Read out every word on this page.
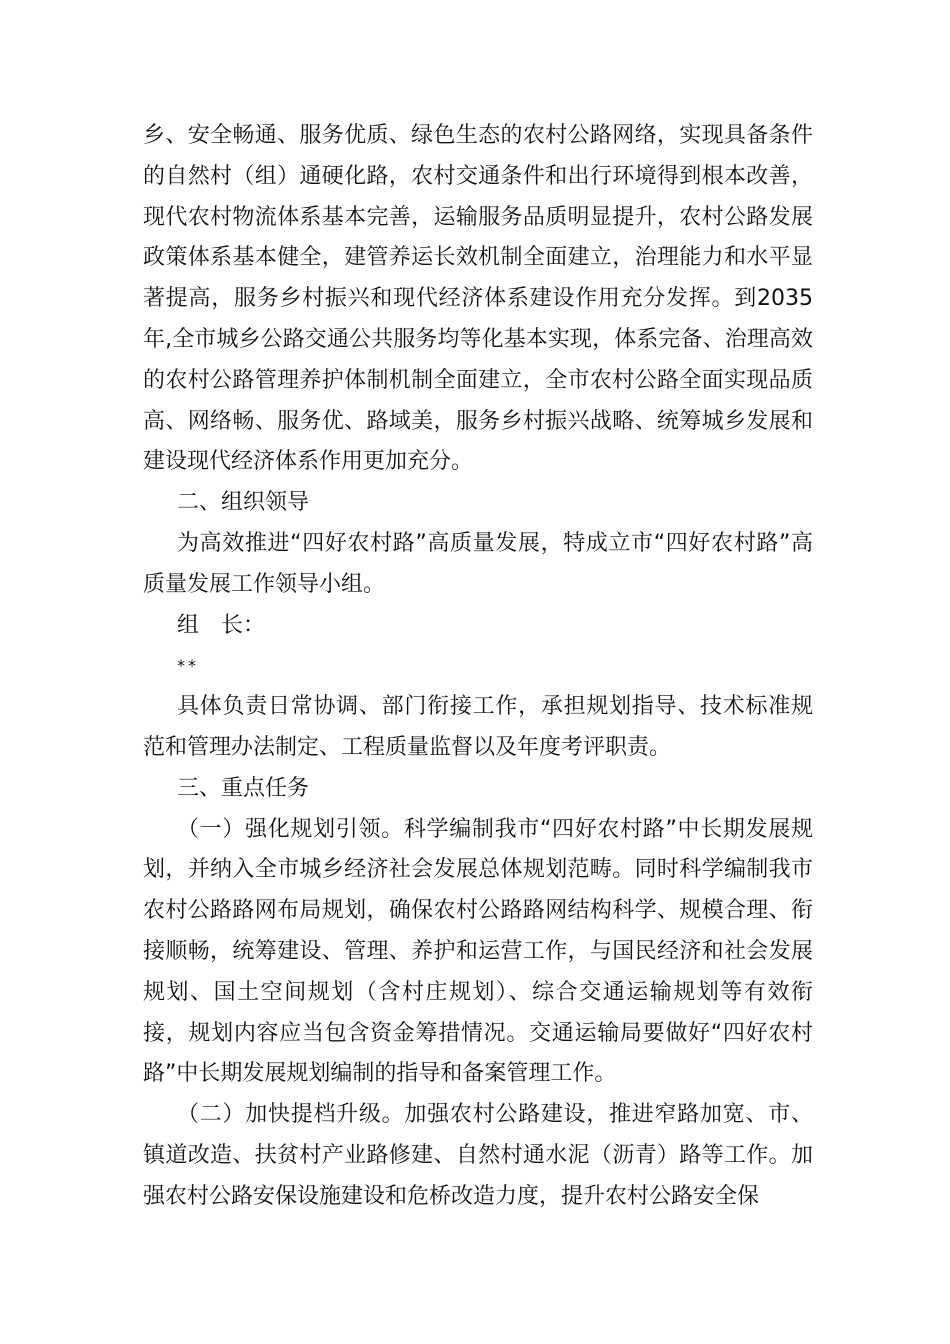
乡、安全畅通、服务优质、绿色生态的农村公路网络，实现具备条件的自然村（组）通硬化路，农村交通条件和出行环境得到根本改善，现代农村物流体系基本完善，运输服务品质明显提升，农村公路发展政策体系基本健全，建管养运长效机制全面建立，治理能力和水平显著提高，服务乡村振兴和现代经济体系建设作用充分发挥。到2035年,全市城乡公路交通公共服务均等化基本实现，体系完备、治理高效的农村公路管理养护体制机制全面建立，全市农村公路全面实现品质高、网络畅、服务优、路域美，服务乡村振兴战略、统筹城乡发展和建设现代经济体系作用更加充分。

二、组织领导

为高效推进“四好农村路”高质量发展，特成立市“四好农村路”高质量发展工作领导小组。

组　长：

**

具体负责日常协调、部门衔接工作，承担规划指导、技术标准规范和管理办法制定、工程质量监督以及年度考评职责。

三、重点任务

（一）强化规划引领。科学编制我市“四好农村路”中长期发展规划，并纳入全市城乡经济社会发展总体规划范畴。同时科学编制我市农村公路路网布局规划，确保农村公路路网结构科学、规模合理、衔接顺畅，统筹建设、管理、养护和运营工作，与国民经济和社会发展规划、国土空间规划（含村庄规划）、综合交通运输规划等有效衔接，规划内容应当包含资金筹措情况。交通运输局要做好“四好农村路”中长期发展规划编制的指导和备案管理工作。

（二）加快提档升级。加强农村公路建设，推进窄路加宽、市、镇道改造、扶贫村产业路修建、自然村通水泥（沥青）路等工作。加强农村公路安保设施建设和危桥改造力度，提升农村公路安全保
